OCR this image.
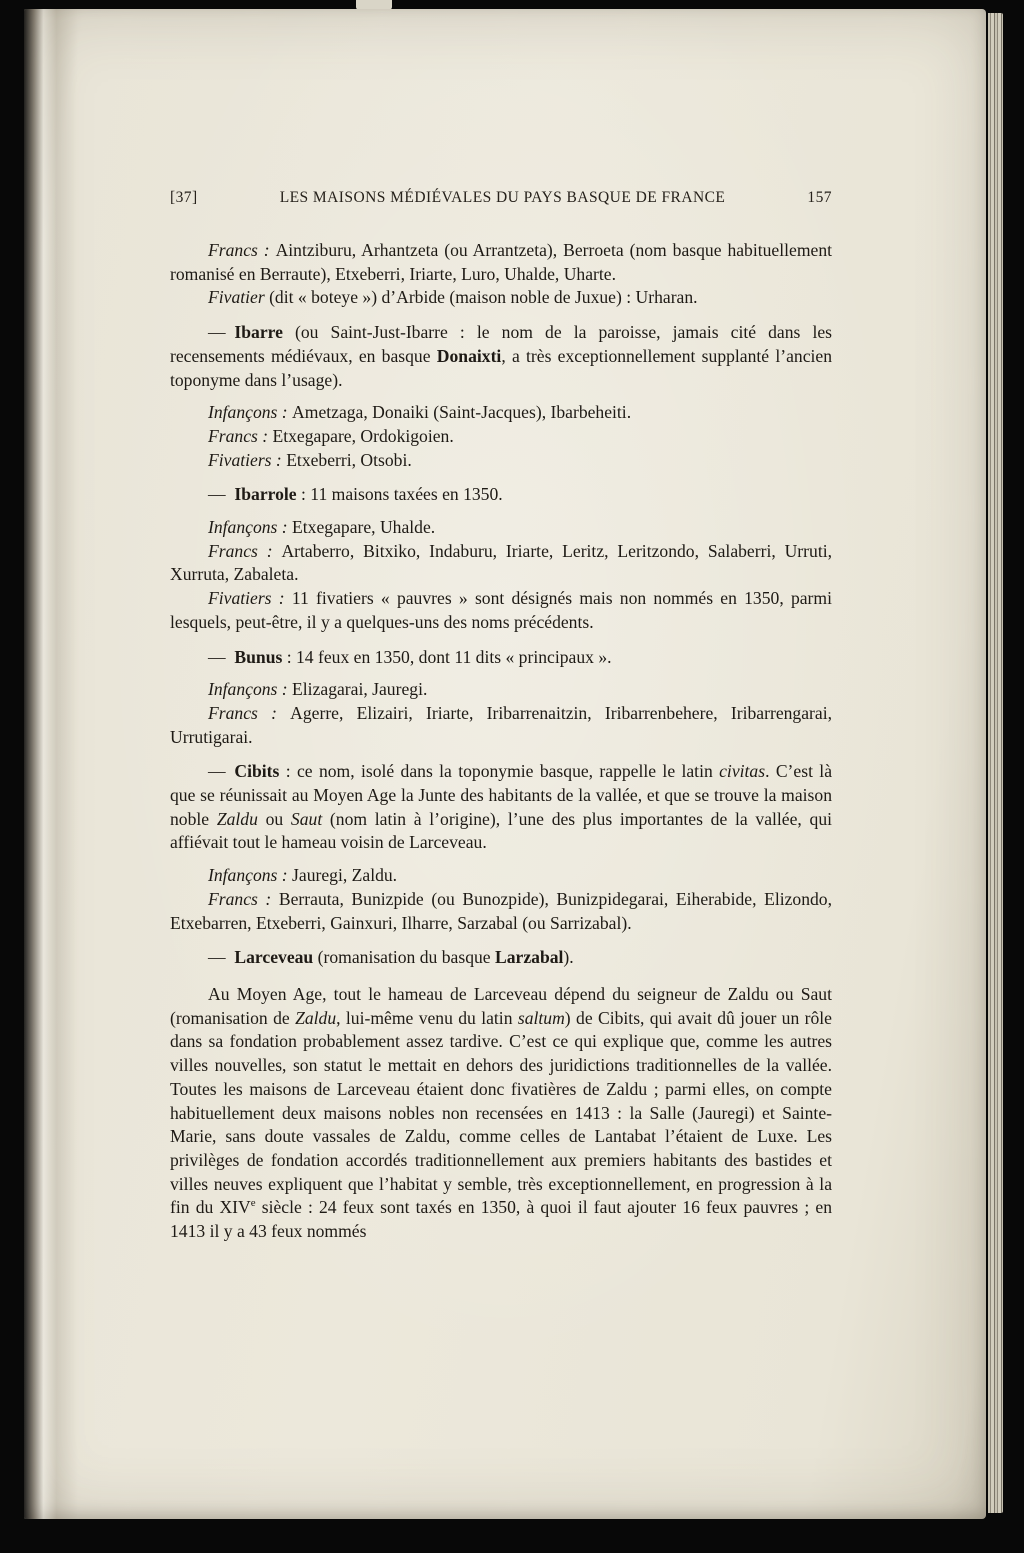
[37]	LES MAISONS MÉDIÉVALES DU PAYS BASQUE DE FRANCE	157

Francs : Aintziburu, Arhantzeta (ou Arrantzeta), Berroeta (nom basque habituellement romanisé en Berraute), Etxeberri, Iriarte, Luro, Uhalde, Uharte.

Fivatier (dit « boteye ») d’Arbide (maison noble de Juxue) : Urharan.

— Ibarre (ou Saint-Just-Ibarre : le nom de la paroisse, jamais cité dans les recensements médiévaux, en basque Donaixti, a très exceptionnellement supplanté l’ancien toponyme dans l’usage).

Infançons : Ametzaga, Donaiki (Saint-Jacques), Ibarbeheiti.

Francs : Etxegapare, Ordokigoien.

Fivatiers : Etxeberri, Otsobi.

— Ibarrole : 11 maisons taxées en 1350.

Infançons : Etxegapare, Uhalde.

Francs : Artaberro, Bitxiko, Indaburu, Iriarte, Leritz, Leritzondo, Salaberri, Urruti, Xurruta, Zabaleta.

Fivatiers : 11 fivatiers « pauvres » sont désignés mais non nommés en 1350, parmi lesquels, peut-être, il y a quelques-uns des noms précédents.

— Bunus : 14 feux en 1350, dont 11 dits « principaux ».

Infançons : Elizagarai, Jauregi.

Francs : Agerre, Elizairi, Iriarte, Iribarrenaitzin, Iribarrenbehere, Iribarrengarai, Urrutigarai.

— Cibits : ce nom, isolé dans la toponymie basque, rappelle le latin civitas. C’est là que se réunissait au Moyen Age la Junte des habitants de la vallée, et que se trouve la maison noble Zaldu ou Saut (nom latin à l’origine), l’une des plus importantes de la vallée, qui affiévait tout le hameau voisin de Larceveau.

Infançons : Jauregi, Zaldu.

Francs : Berrauta, Bunizpide (ou Bunozpide), Bunizpidegarai, Eiherabide, Elizondo, Etxebarren, Etxeberri, Gainxuri, Ilharre, Sarzabal (ou Sarrizabal).

— Larceveau (romanisation du basque Larzabal).

Au Moyen Age, tout le hameau de Larceveau dépend du seigneur de Zaldu ou Saut (romanisation de Zaldu, lui-même venu du latin saltum) de Cibits, qui avait dû jouer un rôle dans sa fondation probablement assez tardive. C’est ce qui explique que, comme les autres villes nouvelles, son statut le mettait en dehors des juridictions traditionnelles de la vallée. Toutes les maisons de Larceveau étaient donc fivatières de Zaldu ; parmi elles, on compte habituellement deux maisons nobles non recensées en 1413 : la Salle (Jauregi) et Sainte-Marie, sans doute vassales de Zaldu, comme celles de Lantabat l’étaient de Luxe. Les privilèges de fondation accordés traditionnellement aux premiers habitants des bastides et villes neuves expliquent que l’habitat y semble, très exceptionnellement, en progression à la fin du XIVe siècle : 24 feux sont taxés en 1350, à quoi il faut ajouter 16 feux pauvres ; en 1413 il y a 43 feux nommés
